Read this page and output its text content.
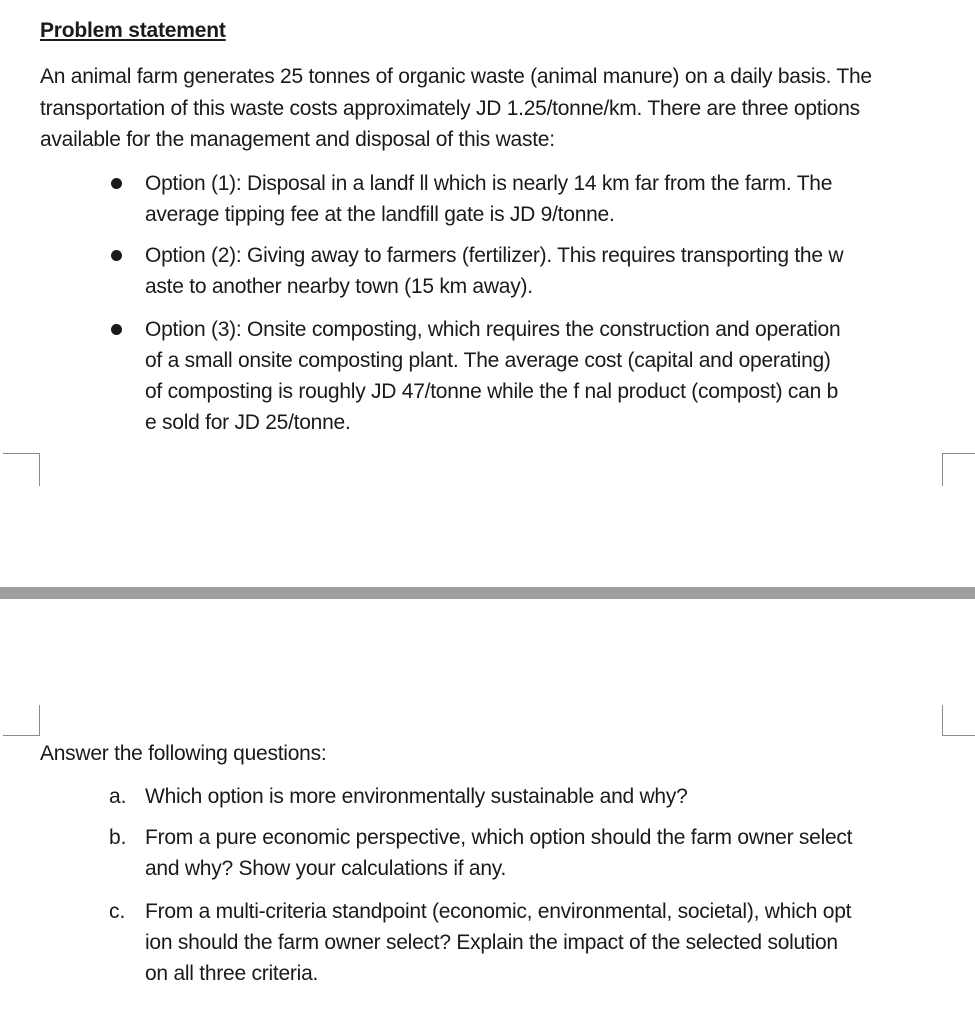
Problem statement
An animal farm generates 25 tonnes of organic waste (animal manure) on a daily basis. The transportation of this waste costs approximately JD 1.25/tonne/km. There are three options available for the management and disposal of this waste:
Option (1): Disposal in a landf ll which is nearly 14 km far from the farm. The
average tipping fee at the landfill gate is JD 9/tonne.
Option (2): Giving away to farmers (fertilizer). This requires transporting the w
aste to another nearby town (15 km away).
Option (3): Onsite composting, which requires the construction and operation
of a small onsite composting plant. The average cost (capital and operating)
of composting is roughly JD 47/tonne while the f nal product (compost) can b
e sold for JD 25/tonne.
Answer the following questions:
a. Which option is more environmentally sustainable and why?
b. From a pure economic perspective, which option should the farm owner select
and why? Show your calculations if any.
c. From a multi-criteria standpoint (economic, environmental, societal), which opt
ion should the farm owner select? Explain the impact of the selected solution
on all three criteria.
